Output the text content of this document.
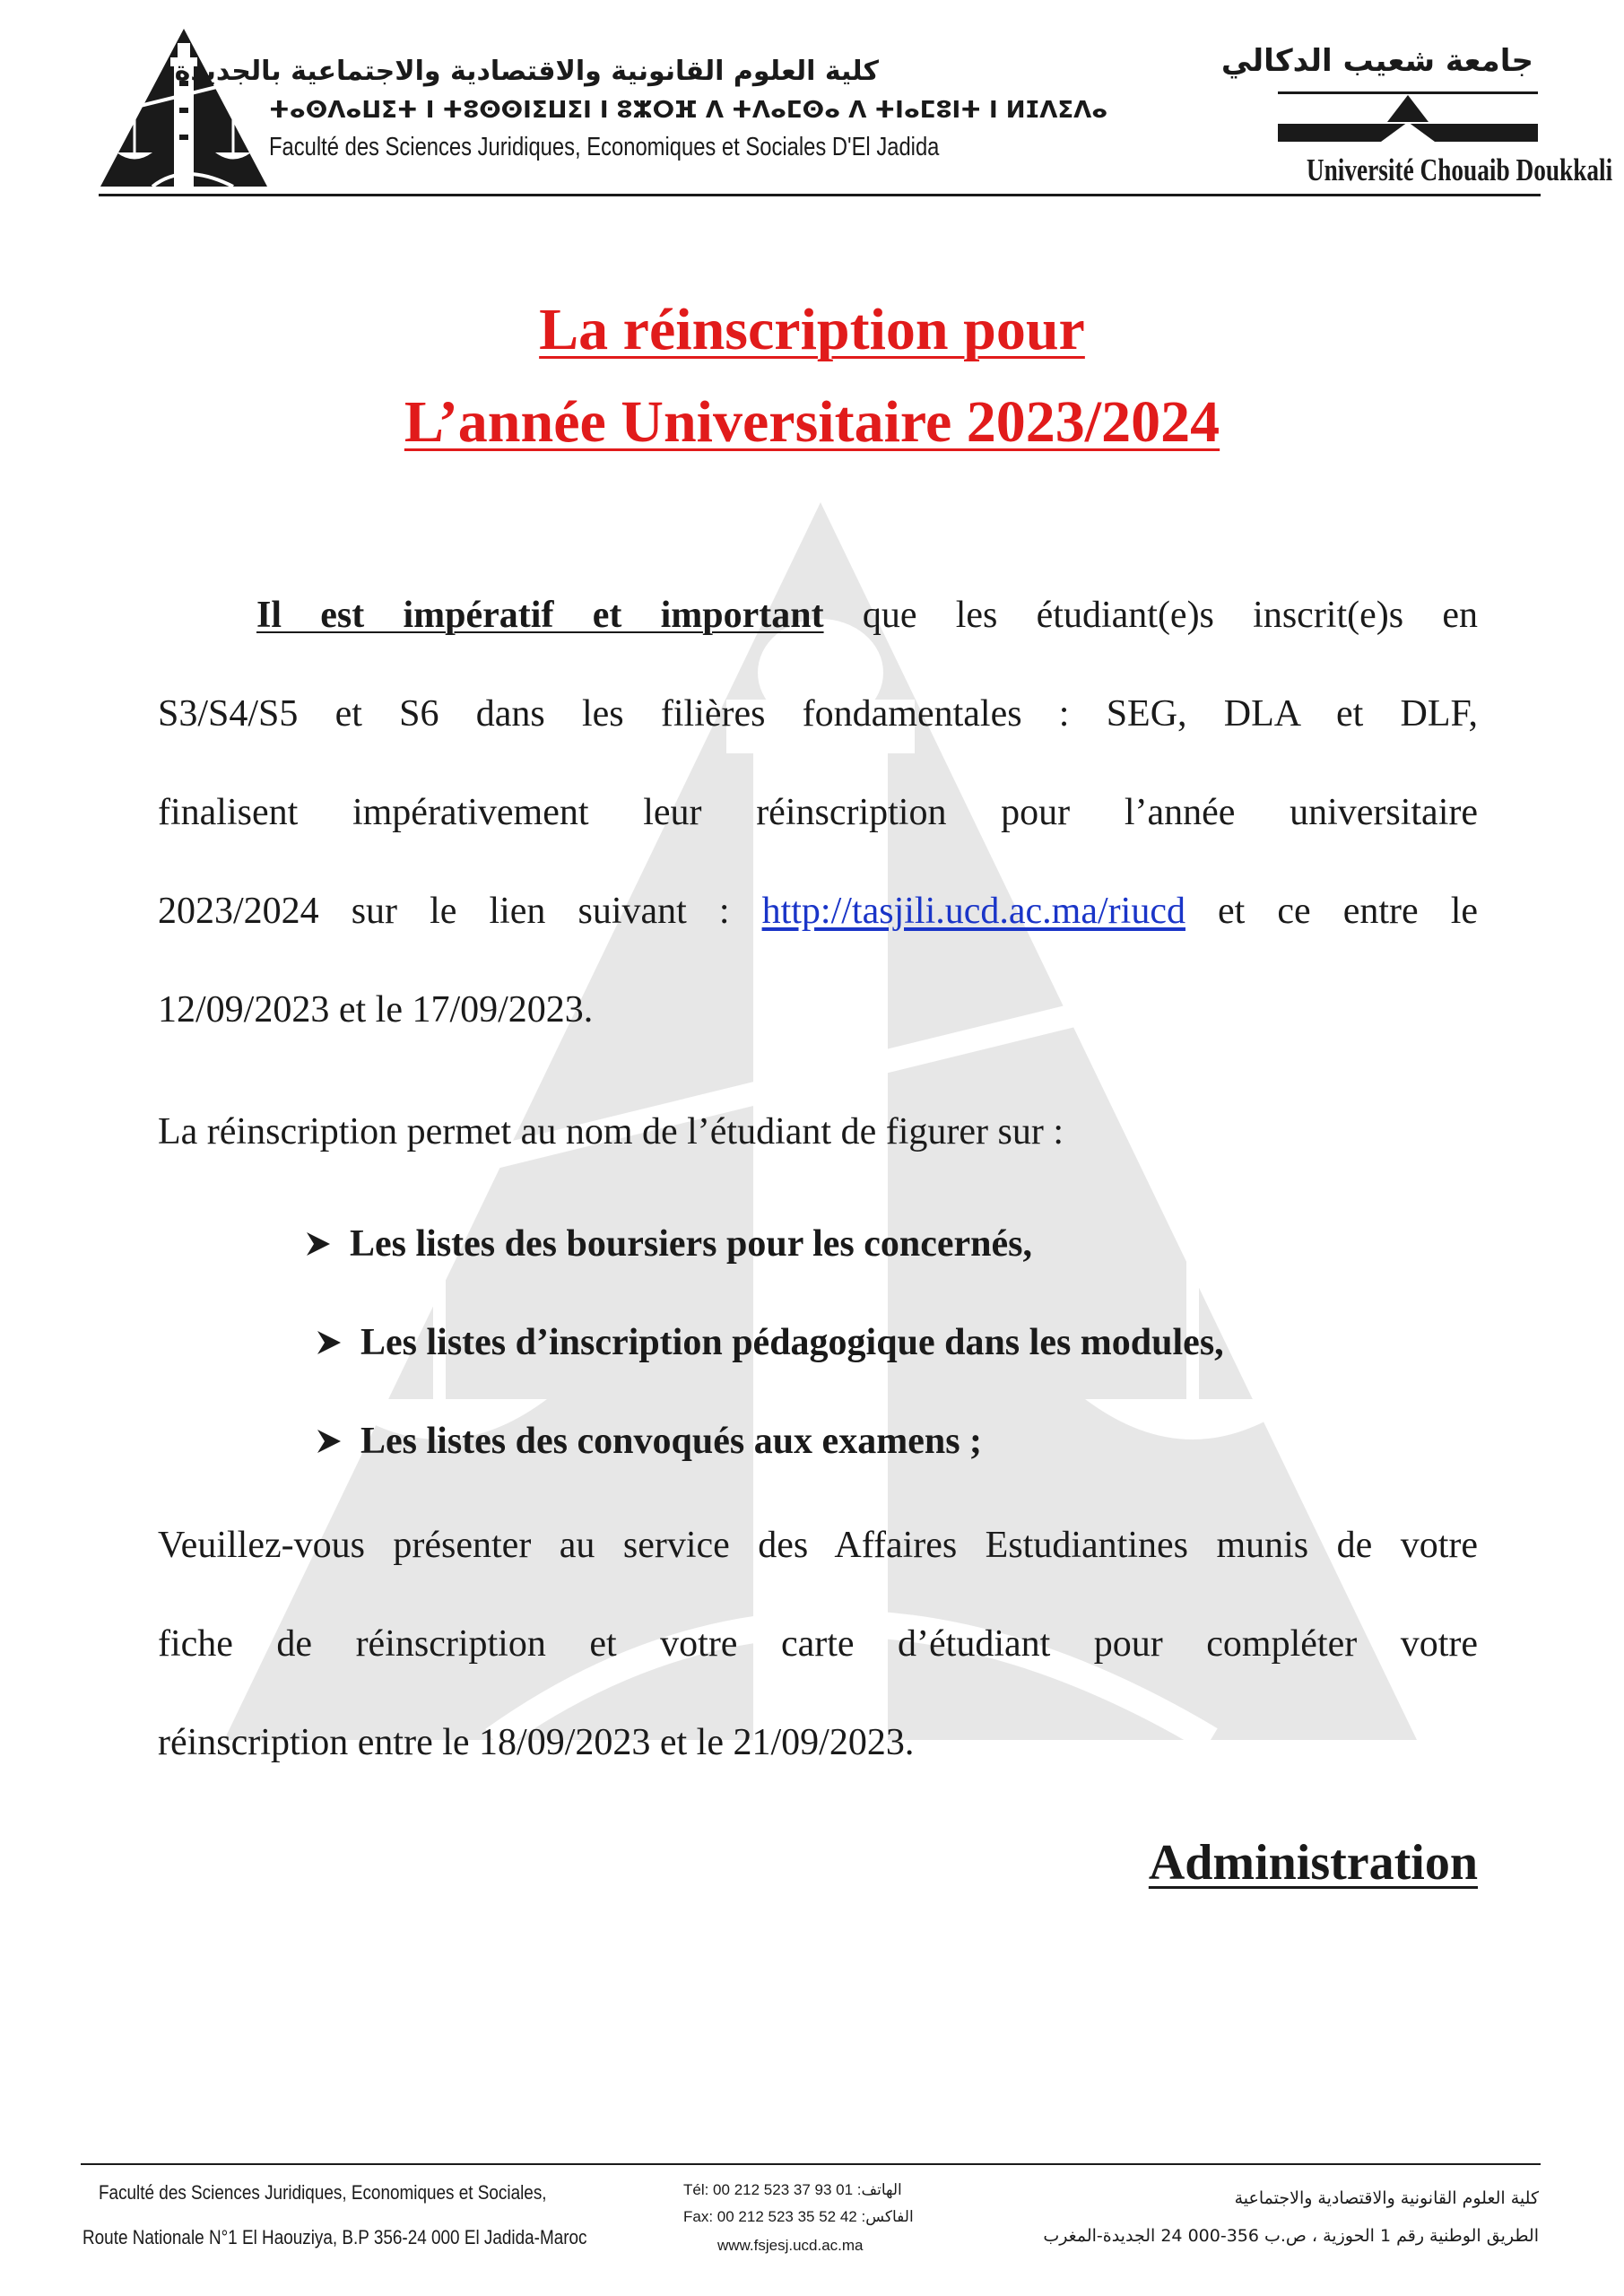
كلية العلوم القانونية والاقتصادية والاجتماعية بالجديدة
ⵜⴰⵙⴷⴰⵡⵉⵜ ⵏ ⵜⵓⵙⵙⵏⵉⵡⵉⵏ ⵏ ⵓⵣⵔⴼ ⴷ ⵜⴷⴰⵎⵙⴰ ⴷ ⵜⵏⴰⵎⵓⵏⵜ ⵏ ⵍⵊⴷⵉⴷⴰ
Faculté des Sciences Juridiques, Economiques et Sociales D'El Jadida
جامعة شعيب الدكالي
Université Chouaib Doukkali
La réinscription pour
L’année Universitaire 2023/2024
Il est impératif et important que les étudiant(e)s inscrit(e)s en
S3/S4/S5 et S6 dans les filières fondamentales : SEG, DLA et DLF,
finalisent impérativement leur réinscription pour l’année universitaire
2023/2024 sur le lien suivant : http://tasjili.ucd.ac.ma/riucd et ce entre le
12/09/2023 et le 17/09/2023.
La réinscription permet au nom de l’étudiant de figurer sur :
Les listes des boursiers pour les concernés,
Les listes d’inscription pédagogique dans les modules,
Les listes des convoqués aux examens ;
Veuillez-vous présenter au service des Affaires Estudiantines munis de votre
fiche de réinscription et votre carte d’étudiant pour compléter votre
réinscription entre le 18/09/2023 et le 21/09/2023.
Administration
Faculté des Sciences Juridiques, Economiques et Sociales,
Route Nationale N°1 El Haouziya, B.P 356-24 000 El Jadida-Maroc
Tél: 00 212 523 37 93 01 :الهاتف
Fax: 00 212 523 35 52 42 :الفاكس
www.fsjesj.ucd.ac.ma
كلية العلوم القانونية والاقتصادية والاجتماعية
الطريق الوطنية رقم 1 الحوزية ، ص.ب 356-000 24 الجديدة-المغرب
